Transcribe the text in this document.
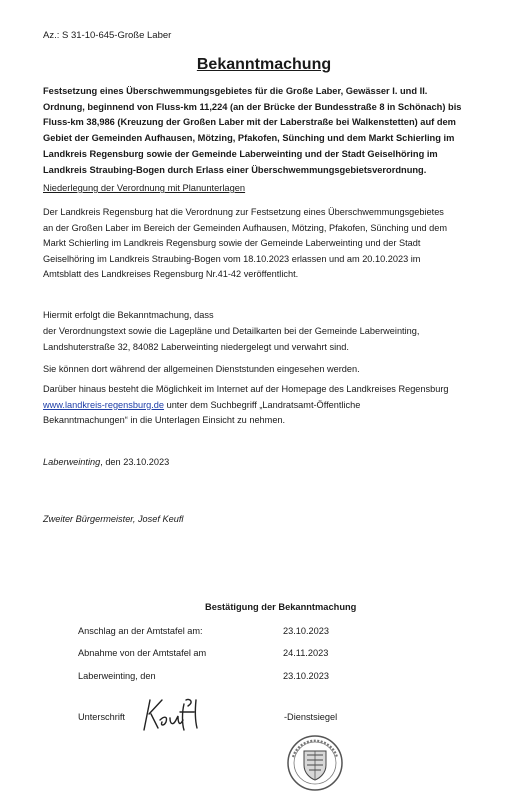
Az.: S 31-10-645-Große Laber
Bekanntmachung
Festsetzung eines Überschwemmungsgebietes für die Große Laber, Gewässer I. und II.
Ordnung, beginnend von Fluss-km 11,224 (an der Brücke der Bundesstraße 8 in Schönach) bis
Fluss-km 38,986 (Kreuzung der Großen Laber mit der Laberstraße bei Walkenstetten) auf dem
Gebiet der Gemeinden Aufhausen, Mötzing, Pfakofen, Sünching und dem Markt Schierling im
Landkreis Regensburg sowie der Gemeinde Laberweinting und der Stadt Geiselhöring im
Landkreis Straubing-Bogen durch Erlass einer Überschwemmungsgebietsverordnung.
Niederlegung der Verordnung mit Planunterlagen
Der Landkreis Regensburg hat die Verordnung zur Festsetzung eines Überschwemmungsgebietes
an der Großen Laber im Bereich der Gemeinden Aufhausen, Mötzing, Pfakofen, Sünching und dem
Markt Schierling im Landkreis Regensburg sowie der Gemeinde Laberweinting und der Stadt
Geiselhöring im Landkreis Straubing-Bogen vom 18.10.2023 erlassen und am 20.10.2023 im
Amtsblatt des Landkreises Regensburg Nr.41-42 veröffentlicht.
Hiermit erfolgt die Bekanntmachung, dass
der Verordnungstext sowie die Lagepläne und Detailkarten bei der Gemeinde Laberweinting,
Landshuterstraße 32, 84082 Laberweinting niedergelegt und verwahrt sind.
Sie können dort während der allgemeinen Dienststunden eingesehen werden.
Darüber hinaus besteht die Möglichkeit im Internet auf der Homepage des Landkreises Regensburg
www.landkreis-regensburg.de unter dem Suchbegriff „Landratsamt-Öffentliche
Bekanntmachungen“ in die Unterlagen Einsicht zu nehmen.
Laberweinting, den 23.10.2023
Zweiter Bürgermeister, Josef Keufl
Bestätigung der Bekanntmachung
Anschlag an der Amtstafel am:	23.10.2023
Abnahme von der Amtstafel am	24.11.2023
Laberweinting, den	23.10.2023
Unterschrift	-Dienstsiegel
